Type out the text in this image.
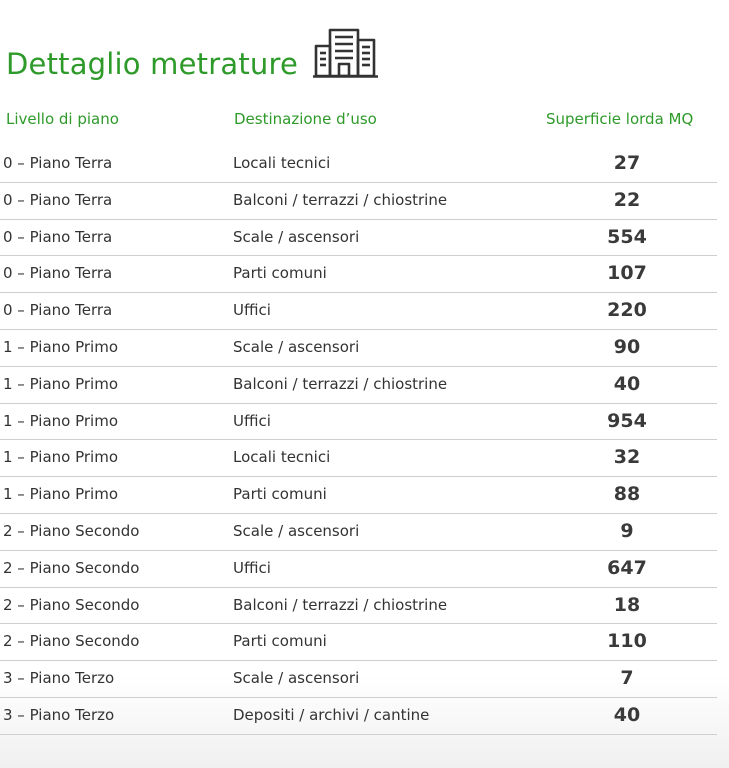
Dettaglio metrature
Livello di piano	Destinazione d’uso	Superficie lorda MQ
0 – Piano Terra	Locali tecnici	27
0 – Piano Terra	Balconi / terrazzi / chiostrine	22
0 – Piano Terra	Scale / ascensori	554
0 – Piano Terra	Parti comuni	107
0 – Piano Terra	Uffici	220
1 – Piano Primo	Scale / ascensori	90
1 – Piano Primo	Balconi / terrazzi / chiostrine	40
1 – Piano Primo	Uffici	954
1 – Piano Primo	Locali tecnici	32
1 – Piano Primo	Parti comuni	88
2 – Piano Secondo	Scale / ascensori	9
2 – Piano Secondo	Uffici	647
2 – Piano Secondo	Balconi / terrazzi / chiostrine	18
2 – Piano Secondo	Parti comuni	110
3 – Piano Terzo	Scale / ascensori	7
3 – Piano Terzo	Depositi / archivi / cantine	40
